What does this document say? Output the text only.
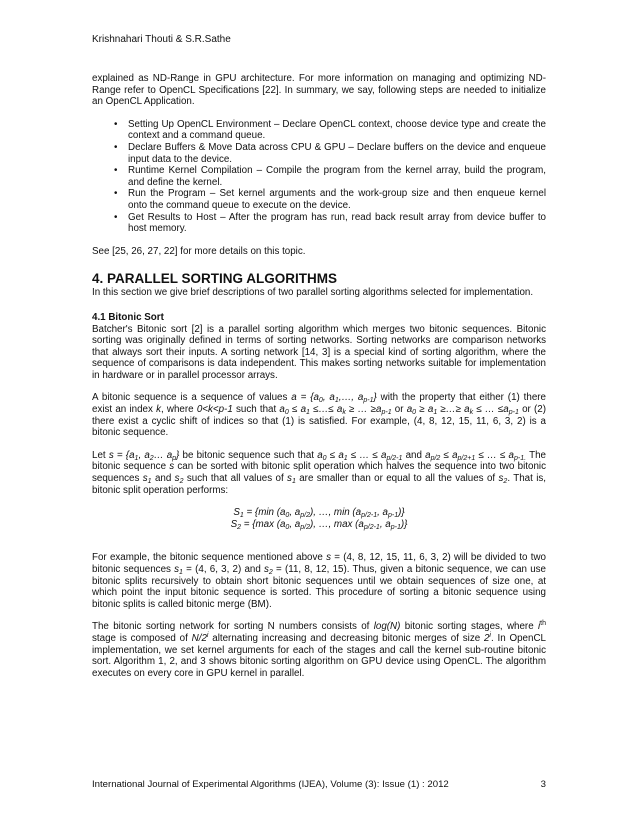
Krishnahari Thouti & S.R.Sathe

explained as ND-Range in GPU architecture. For more information on managing and optimizing ND-Range refer to OpenCL Specifications [22]. In summary, we say, following steps are needed to initialize an OpenCL Application.

• Setting Up OpenCL Environment – Declare OpenCL context, choose device type and create the context and a command queue.
• Declare Buffers & Move Data across CPU & GPU – Declare buffers on the device and enqueue input data to the device.
• Runtime Kernel Compilation – Compile the program from the kernel array, build the program, and define the kernel.
• Run the Program – Set kernel arguments and the work-group size and then enqueue kernel onto the command queue to execute on the device.
• Get Results to Host – After the program has run, read back result array from device buffer to host memory.

See [25, 26, 27, 22] for more details on this topic.

4. PARALLEL SORTING ALGORITHMS

In this section we give brief descriptions of two parallel sorting algorithms selected for implementation.

4.1 Bitonic Sort

Batcher's Bitonic sort [2] is a parallel sorting algorithm which merges two bitonic sequences. Bitonic sorting was originally defined in terms of sorting networks. Sorting networks are comparison networks that always sort their inputs. A sorting network [14, 3] is a special kind of sorting algorithm, where the sequence of comparisons is data independent. This makes sorting networks suitable for implementation in hardware or in parallel processor arrays.

A bitonic sequence is a sequence of values $a = \{a_0$, $a_1,\dots$, $a_{p-1}$} with the property that either (1) there exist an index k, where 0<k<p-1 such that $a_0 \le a_1$ ≤…≤ $a_k$ ≥ … $\ge a_{p-1}$ or $a_0 \ge a_1$ ≥…≥ $a_k$ ≤ … $\le a_{p-1}$ or (2) there exist a cyclic shift of indices so that (1) is satisfied. For example, (4, 8, 12, 15, 11, 6, 3, 2) is a bitonic sequence.

Let $s = \{a_1$, $a_2\dots$ $a_p$} be bitonic sequence such that $a_0 \le a_1$ ≤ … ≤ $a_{p/2-1}$ and $a_{p/2} \le a_{p/2+1}$ ≤ … ≤ $a_{p-1.}$ The bitonic sequence s can be sorted with bitonic split operation which halves the sequence into two bitonic sequences $s_1$ and $s_2$ such that all values of $s_1$ are smaller than or equal to all the values of $s_2$. That is, bitonic split operation performs:

$S_1 = \{\min$ ($a_0$, $a_{p/2}$), …, $\min (a_{p/2-1}$, $a_{p-1}$)}
$S_2 = \{\max$ ($a_0$, $a_{p/2}$), …, $\max (a_{p/2-1}$, $a_{p-1}$)}

For example, the bitonic sequence mentioned above s = (4, 8, 12, 15, 11, 6, 3, 2) will be divided to two bitonic sequences $s_1 = (4$, 6, 3, 2) and $s_2 = (11$, 8, 12, 15). Thus, given a bitonic sequence, we can use bitonic splits recursively to obtain short bitonic sequences until we obtain sequences of size one, at which point the input bitonic sequence is sorted. This procedure of sorting a bitonic sequence using bitonic splits is called bitonic merge (BM).

The bitonic sorting network for sorting N numbers consists of log(N) bitonic sorting stages, where $i^{th}$ stage is composed of N/2$^i$ alternating increasing and decreasing bitonic merges of size 2$^i$. In OpenCL implementation, we set kernel arguments for each of the stages and call the kernel sub-routine bitonic sort. Algorithm 1, 2, and 3 shows bitonic sorting algorithm on GPU device using OpenCL. The algorithm executes on every core in GPU kernel in parallel.

International Journal of Experimental Algorithms (IJEA), Volume (3): Issue (1) : 2012	3
